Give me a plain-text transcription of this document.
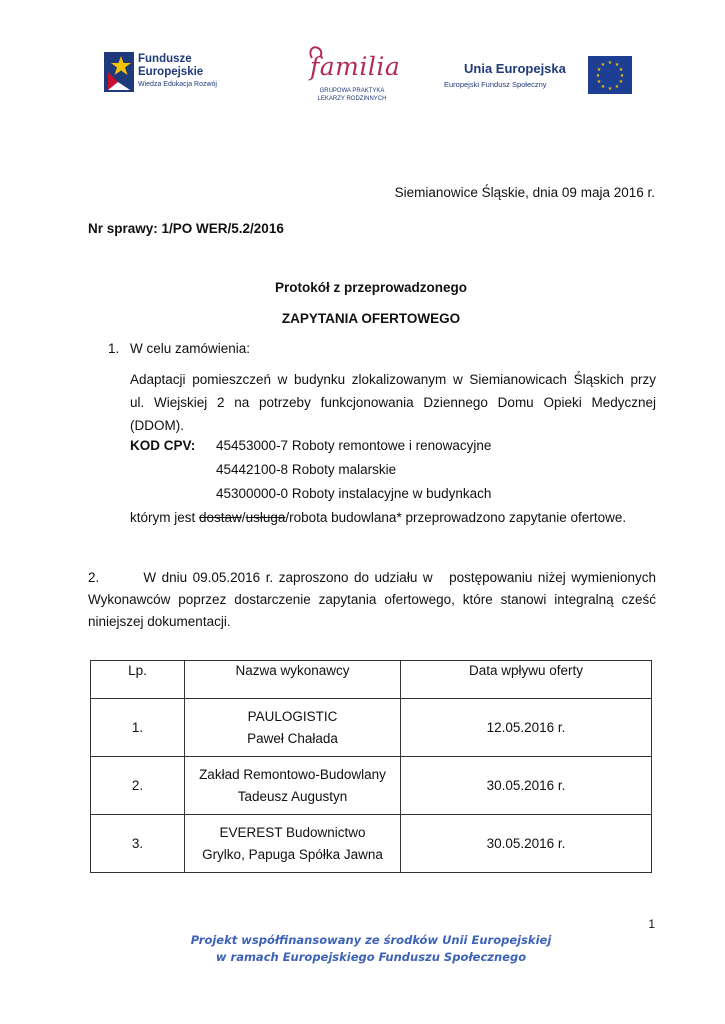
Fundusze
Europejskie
Wiedza Edukacja Rozwój
familia
GRUPOWA PRAKTYKA
LEKARZY RODZINNYCH
Unia Europejska
Europejski Fundusz Społeczny
★ ★
★
★
★
★
★
★
★
★
★
★
Siemianowice Śląskie, dnia 09 maja 2016 r.
Nr sprawy: 1/PO WER/5.2/2016
Protokół z przeprowadzonego
ZAPYTANIA OFERTOWEGO
1. W celu zamówienia:
Adaptacji pomieszczeń w budynku zlokalizowanym w Siemianowicach Śląskich przy
ul. Wiejskiej 2 na potrzeby funkcjonowania Dziennego Domu Opieki Medycznej (DDOM).
KOD CPV: 45453000-7 Roboty remontowe i renowacyjne
45442100-8 Roboty malarskie
45300000-0 Roboty instalacyjne w budynkach
którym jest dostaw/usługa/robota budowlana* przeprowadzono zapytanie ofertowe.
2.        W dniu 09.05.2016 r. zaproszono do udziału w   postępowaniu niżej wymienionych
Wykonawców poprzez dostarczenie zapytania ofertowego, które stanowi integralną cześć
niniejszej dokumentacji.
Lp.	Nazwa wykonawcy	Data wpływu oferty
1.	PAULOGISTIC
Paweł Chałada	12.05.2016 r.
2.	Zakład Remontowo-Budowlany
Tadeusz Augustyn	30.05.2016 r.
3.	EVEREST Budownictwo
Grylko, Papuga Spółka Jawna	30.05.2016 r.
1
Projekt współfinansowany ze środków Unii Europejskiej
w ramach Europejskiego Funduszu Społecznego
